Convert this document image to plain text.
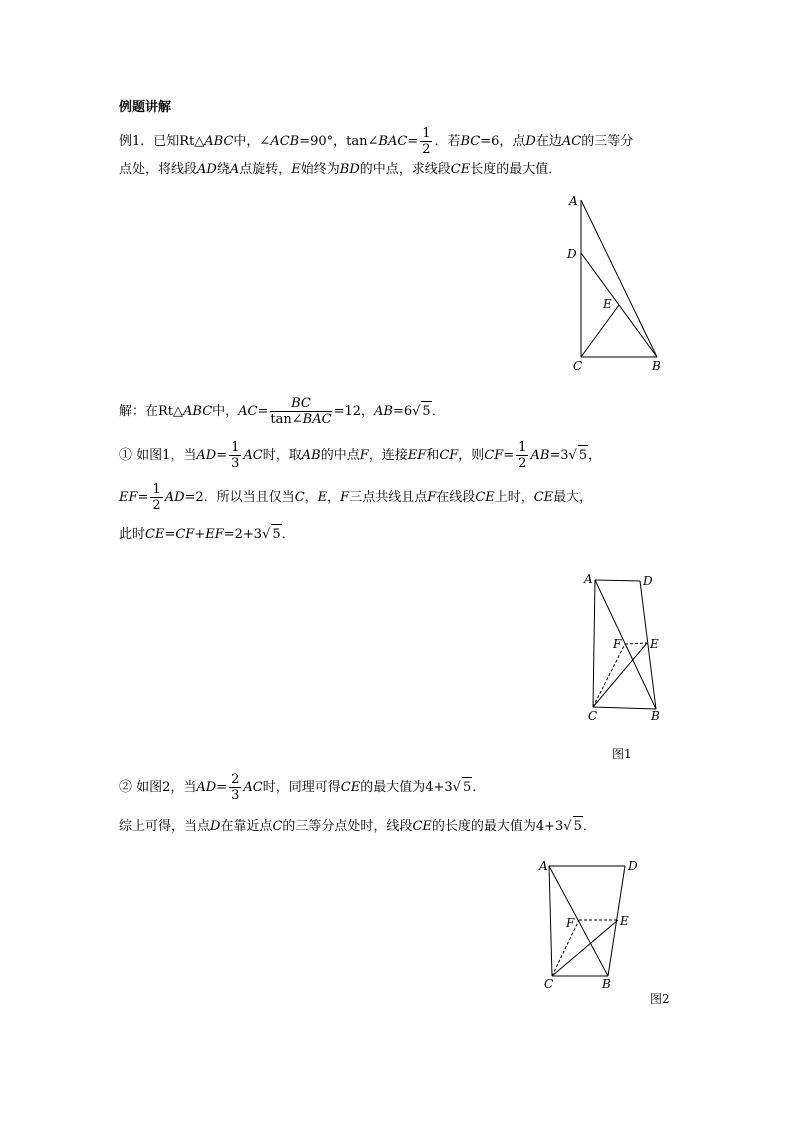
例题讲解
例1．已知Rt△ABC中，∠ACB=90°，tan∠BAC= $\frac{1}{2}$ ．若BC=6，点D在边AC的三等分
点处，将线段AD绕A点旋转，E始终为BD的中点，求线段CE长度的最大值．
A
D
E
C	B
解：在Rt△ABC中，$AC= \frac{BC}{\text{tan∠BAC}} =12$，AB=6√ 5．
① 如图1，当$AD= \frac{1}{3}$ AC时，取AB的中点F，连接EF和CF，则$CF= \frac{1}{2} AB=3√$ 5，
$EF= \frac{1}{2} AD=2$．所以当且仅当C，E，F三点共线且点F在线段CE上时，CE最大，
此时CE=CF+EF=2+3√ 5．
A	D
F E
C	B
图1
② 如图2，当$AD= \frac{2}{3}$ AC时，同理可得CE的最大值为4+3√ 5．
综上可得，当点D在靠近点C的三等分点处时，线段CE的长度的最大值为4+3√ 5．
A	D
F	E
C	B
图2
